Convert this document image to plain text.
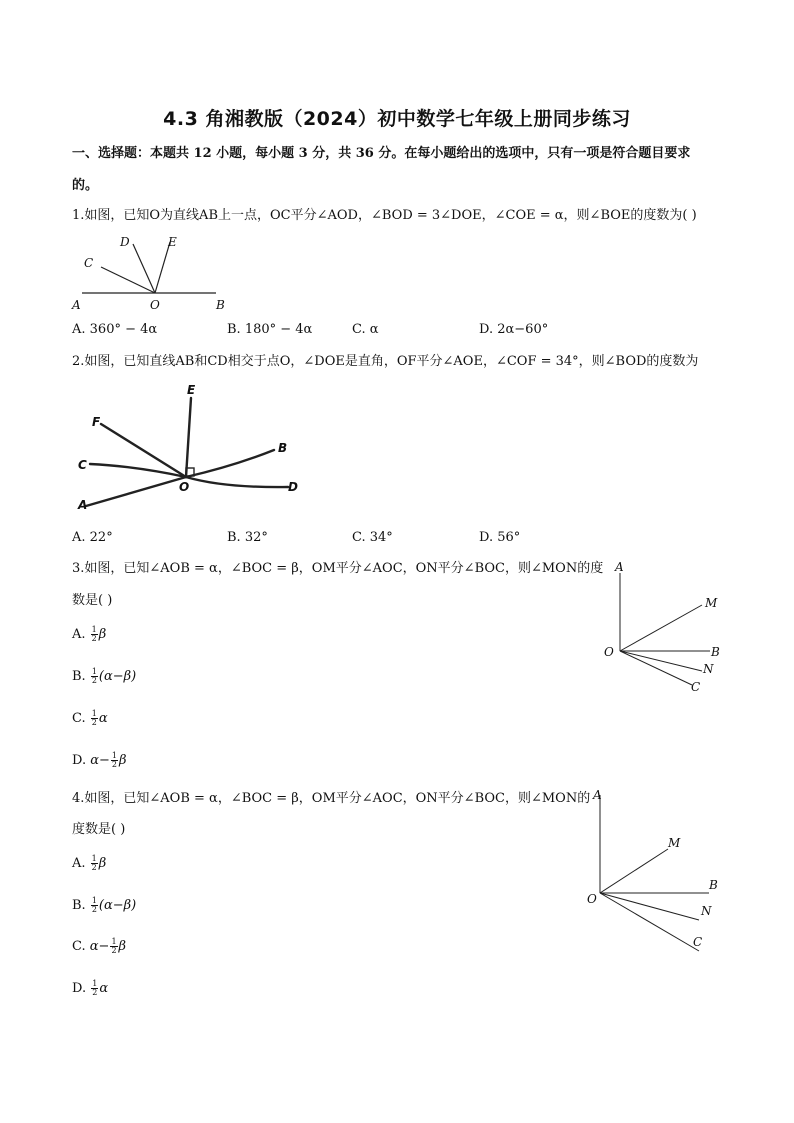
4.3 角湘教版（2024）初中数学七年级上册同步练习
一、选择题：本题共 12 小题，每小题 3 分，共 36 分。在每小题给出的选项中，只有一项是符合题目要求
的。
1.如图，已知O为直线AB上一点，OC平分∠AOD，∠BOD = 3∠DOE，∠COE = α，则∠BOE的度数为( )
A	O	B
C
D	E
A. 360° − 4α	B. 180° − 4α	C. α	D. 2α−60°
2.如图，已知直线AB和CD相交于点O，∠DOE是直角，OF平分∠AOE，∠COF = 34°，则∠BOD的度数为
E
F
B
C
O	D
A
A. 22°	B. 32°	C. 34°	D. 56°
3.如图，已知∠AOB = α，∠BOC = β，OM平分∠AOC，ON平分∠BOC，则∠MON的度
数是( )
A. $\frac{1}{2}$ β
B. $\frac{1}{2} (\alpha-\beta)$
C. $\frac{1}{2}$ α
D. $\alpha- \frac{1}{2}$ β
A
M
O	B
N
C
4.如图，已知∠AOB = α，∠BOC = β，OM平分∠AOC，ON平分∠BOC，则∠MON的
度数是( )
A. $\frac{1}{2}$ β
B. $\frac{1}{2} (\alpha-\beta)$
C. $\alpha- \frac{1}{2}$ β
D. $\frac{1}{2}$ α
A
M
B
O
N
C
